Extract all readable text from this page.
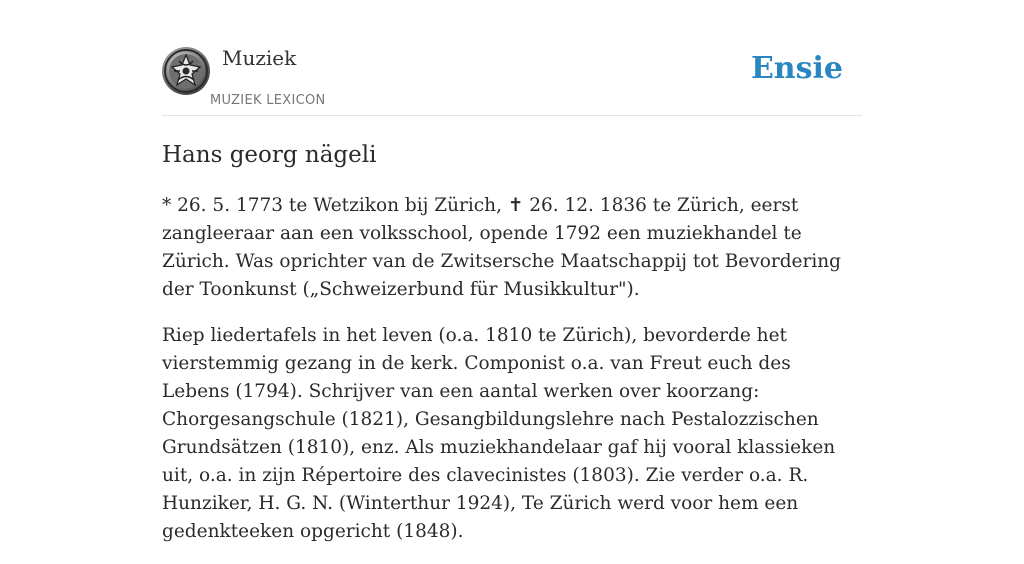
Muziek
MUZIEK LEXICON
Ensie
Hans georg nägeli

* 26. 5. 1773 te Wetzikon bij Zürich, ✝ 26. 12. 1836 te Zürich, eerst zangleeraar aan een volksschool, opende 1792 een muziekhandel te Zürich. Was oprichter van de Zwitsersche Maatschappij tot Bevordering der Toonkunst („Schweizerbund für Musikkultur").

Riep liedertafels in het leven (o.a. 1810 te Zürich), bevorderde het vierstemmig gezang in de kerk. Componist o.a. van Freut euch des Lebens (1794). Schrijver van een aantal werken over koorzang: Chorgesangschule (1821), Gesangbildungslehre nach Pestalozzischen Grundsätzen (1810), enz. Als muziekhandelaar gaf hij vooral klassieken uit, o.a. in zijn Répertoire des clavecinistes (1803). Zie verder o.a. R. Hunziker, H. G. N. (Winterthur 1924), Te Zürich werd voor hem een gedenkteeken opgericht (1848).
